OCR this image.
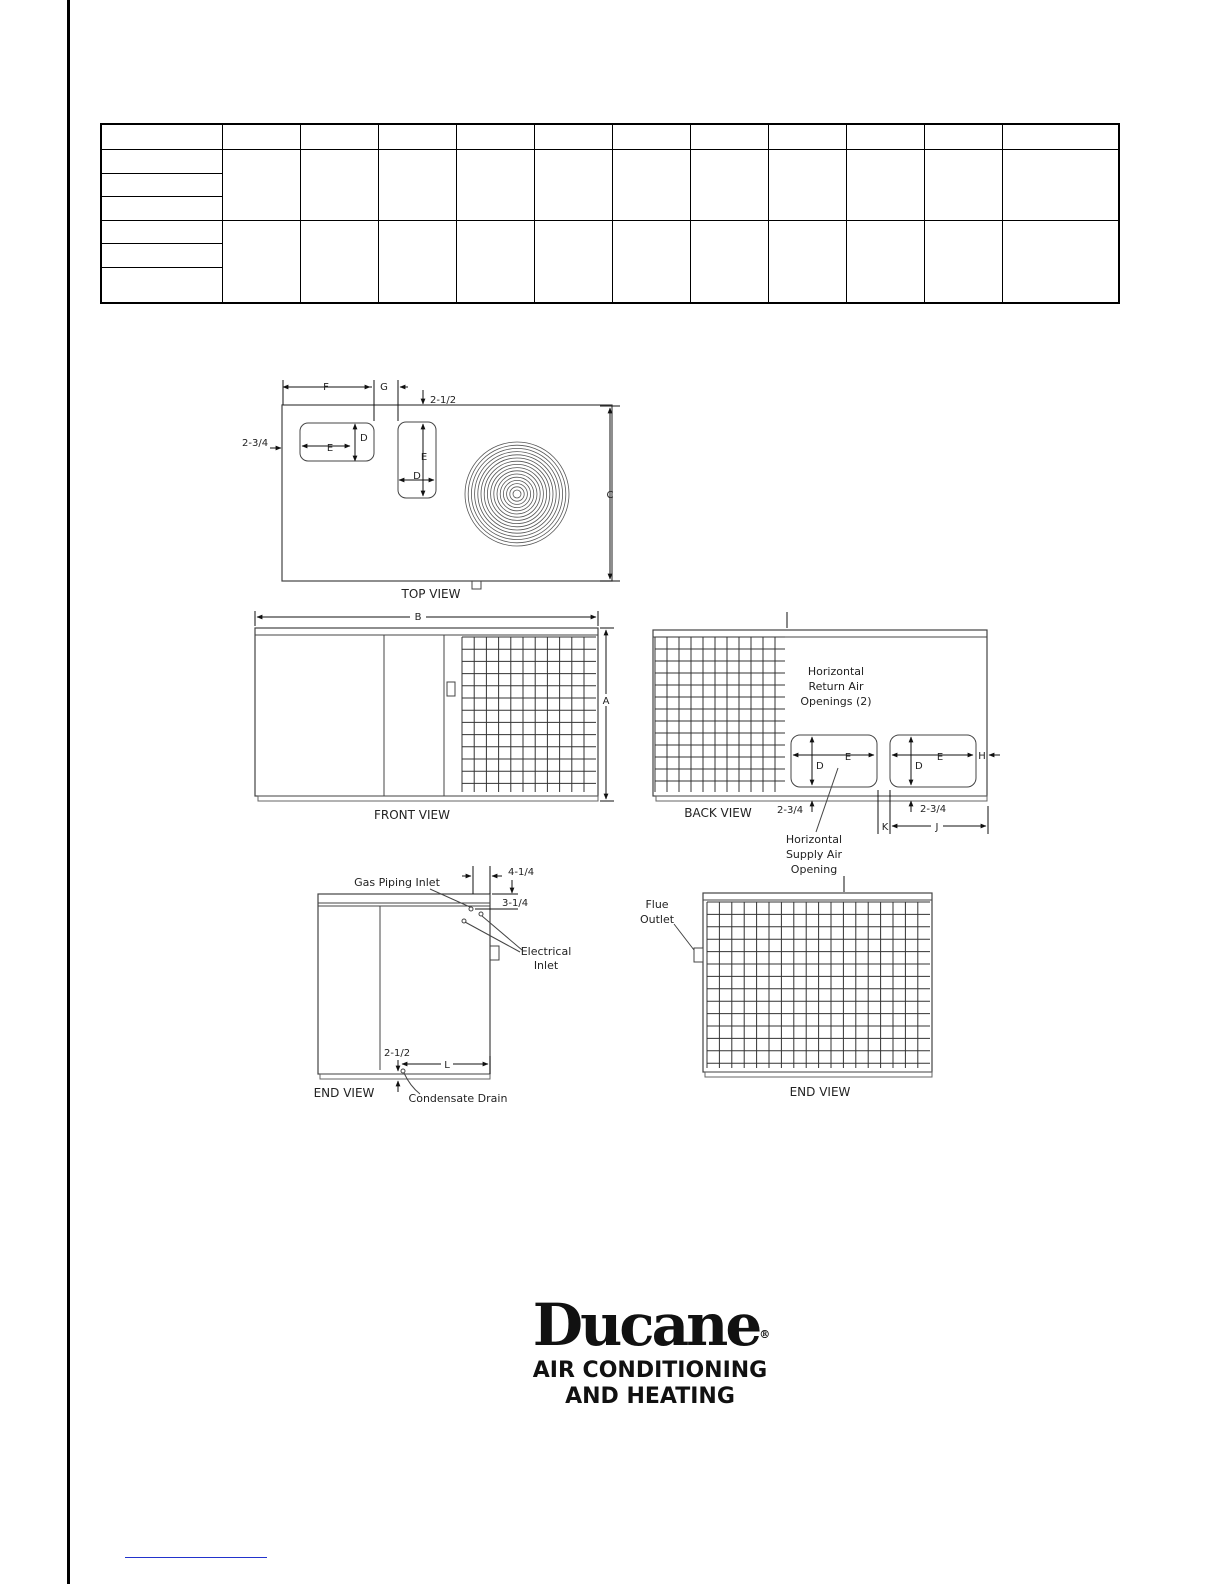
F	G
2-1/2
2-3/4	E
D
E
D
C
TOP VIEW
B
A
FRONT VIEW
Horizontal
Return Air
Openings (2)
E
D
E
D
H
2-3/4	2-3/4
K	J
Horizontal
Supply Air
Opening
BACK VIEW
Gas Piping Inlet
Electrical
Inlet
4-1/4
3-1/4
2-1/2
L
Condensate Drain
END VIEW
Flue
Outlet
END VIEW
Ducane®
AIR CONDITIONING
AND HEATING
